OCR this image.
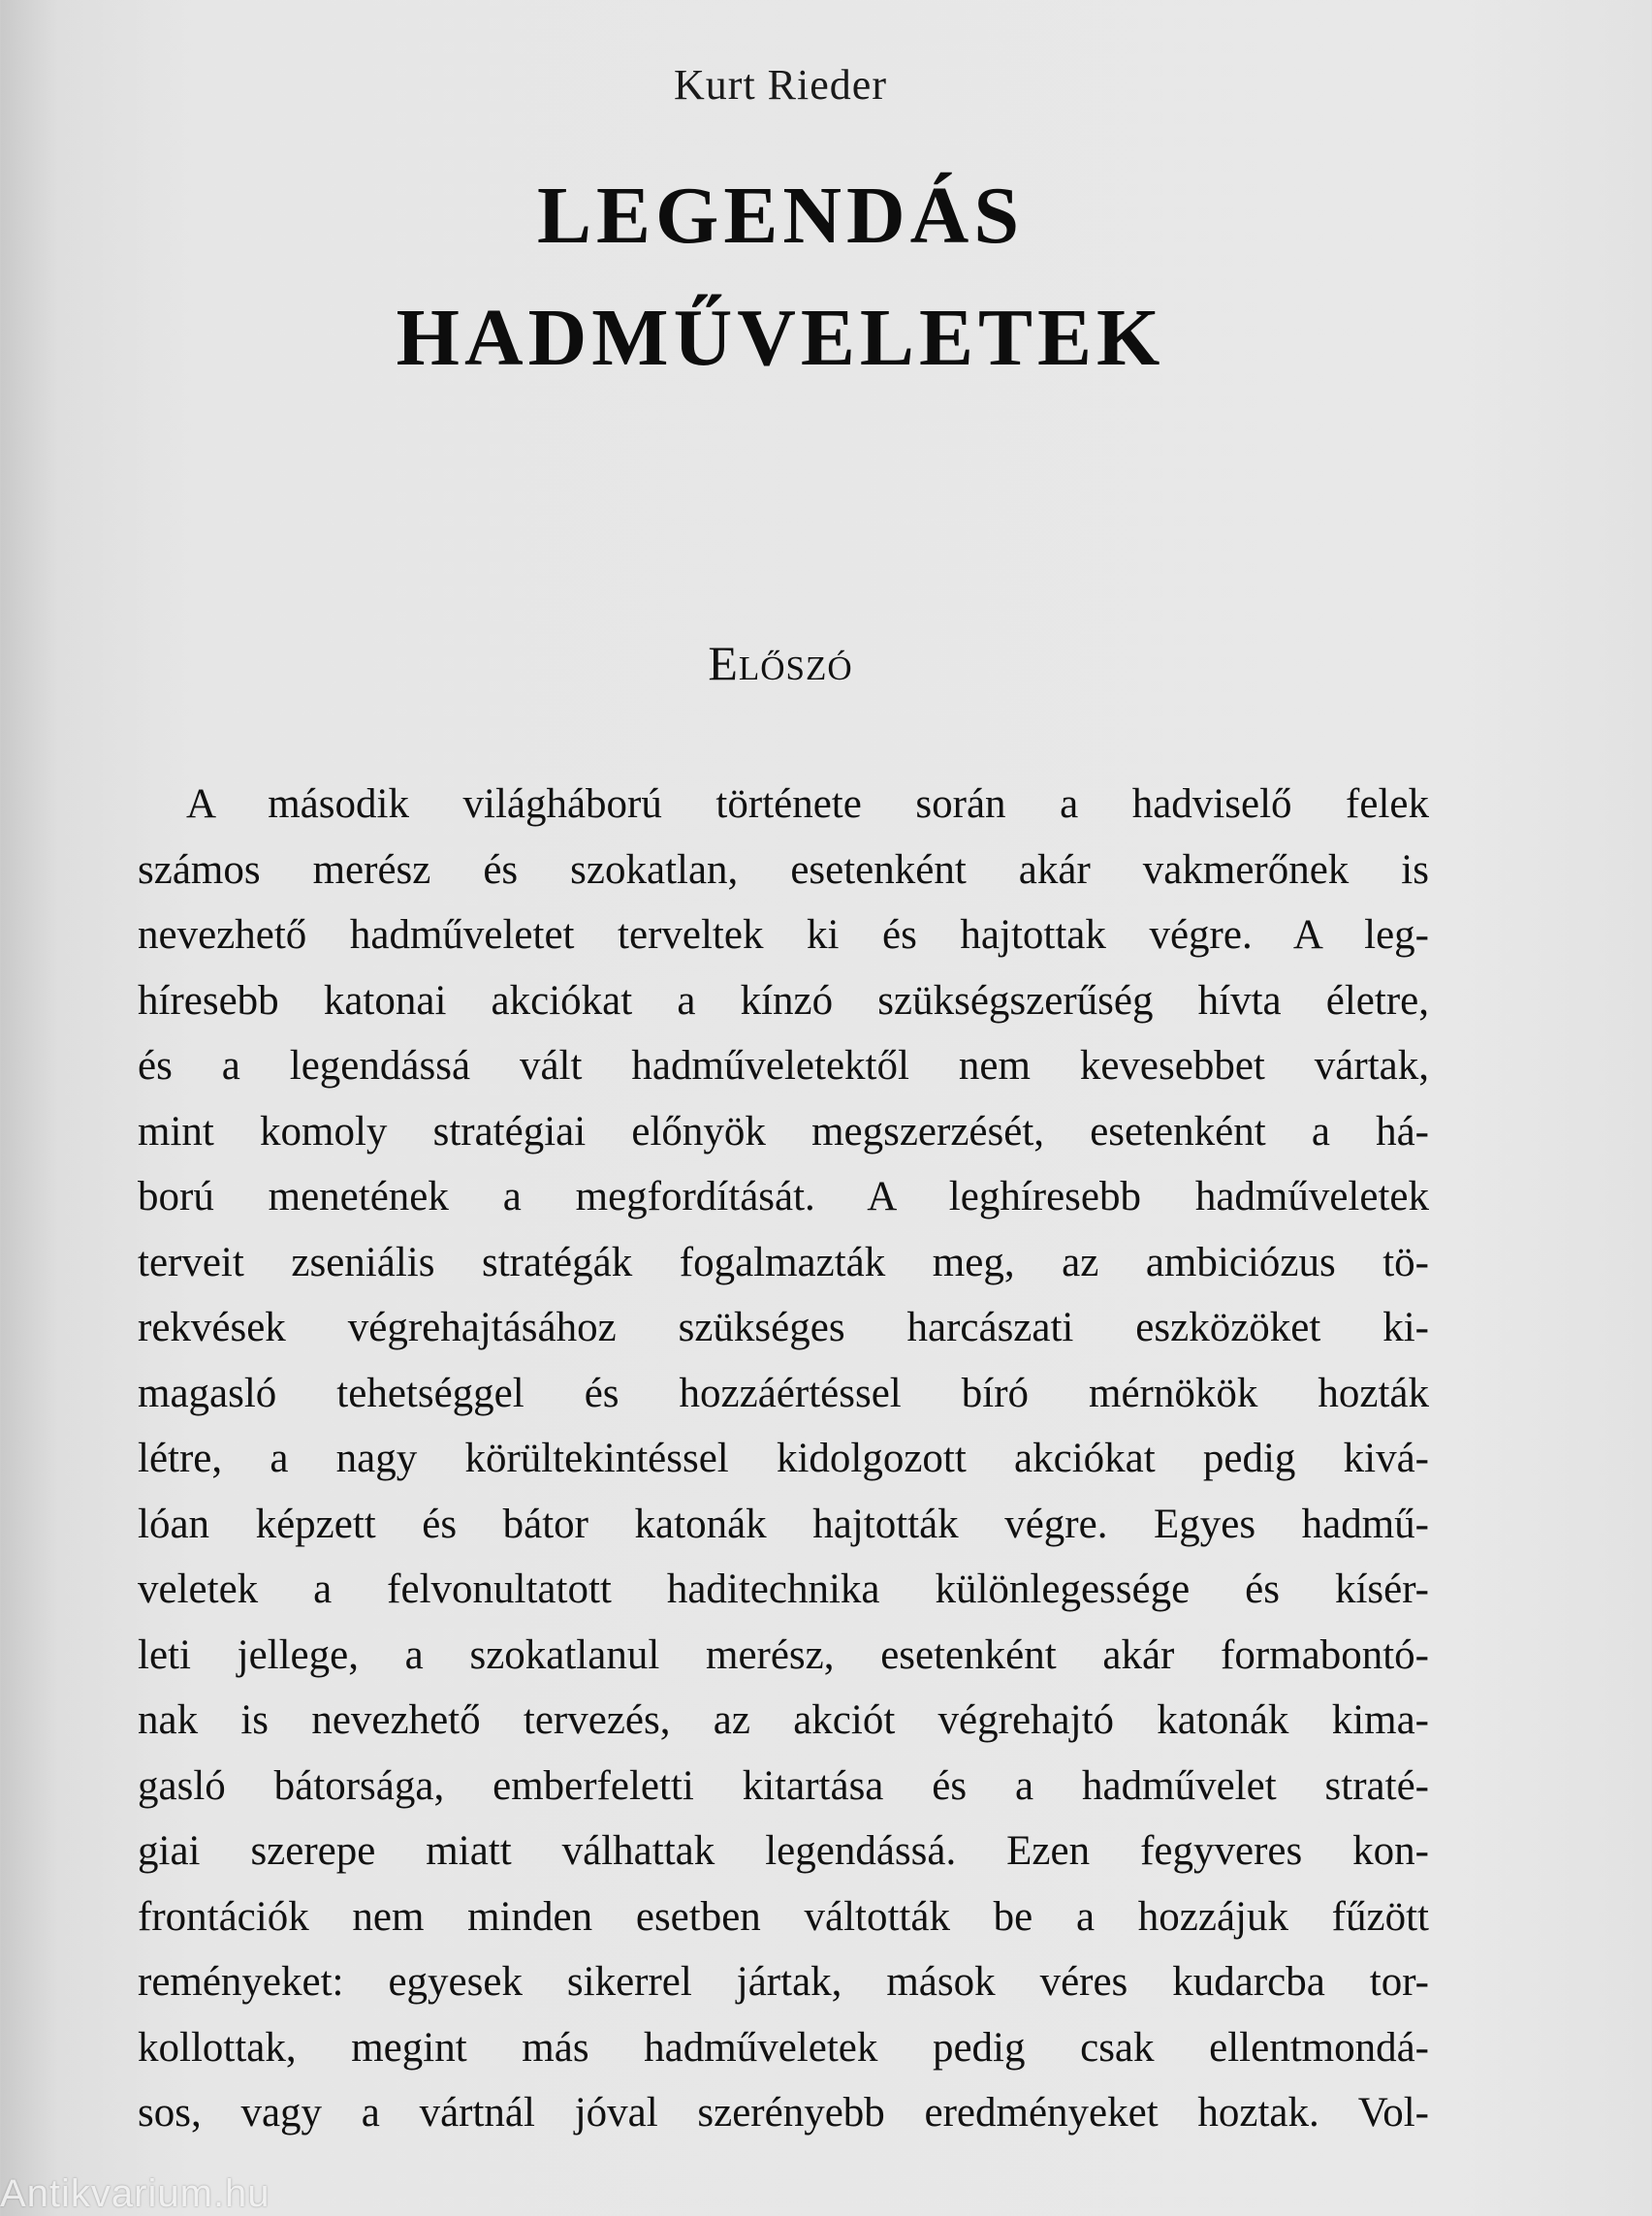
Kurt Rieder
LEGENDÁS
HADMŰVELETEK
Előszó
A második világháború története során a hadviselő felek
számos merész és szokatlan, esetenként akár vakmerőnek is
nevezhető hadműveletet terveltek ki és hajtottak végre. A leg-
híresebb katonai akciókat a kínzó szükségszerűség hívta életre,
és a legendássá vált hadműveletektől nem kevesebbet vártak,
mint komoly stratégiai előnyök megszerzését, esetenként a há-
ború menetének a megfordítását. A leghíresebb hadműveletek
terveit zseniális stratégák fogalmazták meg, az ambiciózus tö-
rekvések végrehajtásához szükséges harcászati eszközöket ki-
magasló tehetséggel és hozzáértéssel bíró mérnökök hozták
létre, a nagy körültekintéssel kidolgozott akciókat pedig kivá-
lóan képzett és bátor katonák hajtották végre. Egyes hadmű-
veletek a felvonultatott haditechnika különlegessége és kísér-
leti jellege, a szokatlanul merész, esetenként akár formabontó-
nak is nevezhető tervezés, az akciót végrehajtó katonák kima-
gasló bátorsága, emberfeletti kitartása és a hadművelet straté-
giai szerepe miatt válhattak legendássá. Ezen fegyveres kon-
frontációk nem minden esetben váltották be a hozzájuk fűzött
reményeket: egyesek sikerrel jártak, mások véres kudarcba tor-
kollottak, megint más hadműveletek pedig csak ellentmondá-
sos, vagy a vártnál jóval szerényebb eredményeket hoztak. Vol-
Antikvarium.hu
